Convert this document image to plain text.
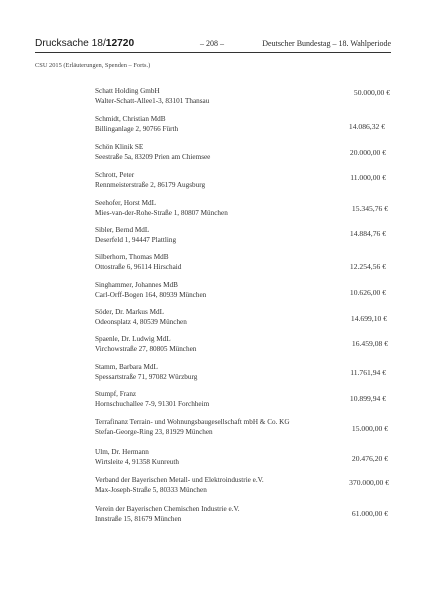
Drucksache 18/12720	– 208 –	Deutscher Bundestag – 18. Wahlperiode
CSU 2015 (Erläuterungen, Spenden – Forts.)
Schatt Holding GmbH
Walter-Schatt-Allee1-3, 83101 Thansau
50.000,00 €
Schmidt, Christian MdB
Billinganlage 2, 90766 Fürth	14.086,32 €
Schön Klinik SE
Seestraße 5a, 83209 Prien am Chiemsee	20.000,00 €
Schrott, Peter
Rennmeisterstraße 2, 86179 Augsburg
11.000,00 €
Seehofer, Horst MdL
Mies-van-der-Rohe-Straße 1, 80807 München	15.345,76 €
Sibler, Bernd MdL
Deserfeld 1, 94447 Plattling
14.884,76 €
Silberhorn, Thomas MdB
Ottostraße 6, 96114 Hirschaid	12.254,56 €
Singhammer, Johannes MdB
Carl-Orff-Bogen 164, 80939 München	10.626,00 €
Söder, Dr. Markus MdL
Odeonsplatz 4, 80539 München	14.699,10 €
Spaenle, Dr. Ludwig MdL
Virchowstraße 27, 80805 München
16.459,08 €
Stamm, Barbara MdL
Spessartstraße 71, 97082 Würzburg	11.761,94 €
Stumpf, Franz
Hornschuchallee 7-9, 91301 Forchheim
10.899,94 €
Terrafinanz Terrain- und Wohnungsbaugesellschaft mbH & Co. KG
Stefan-George-Ring 23, 81929 München	15.000,00 €
Ulm, Dr. Hermann
Wirtsleite 4, 91358 Kunreuth	20.476,20 €
Verband der Bayerischen Metall- und Elektroindustrie e.V.
Max-Joseph-Straße 5, 80333 München
370.000,00 €
Verein der Bayerischen Chemischen Industrie e.V.
Innstraße 15, 81679 München
61.000,00 €
